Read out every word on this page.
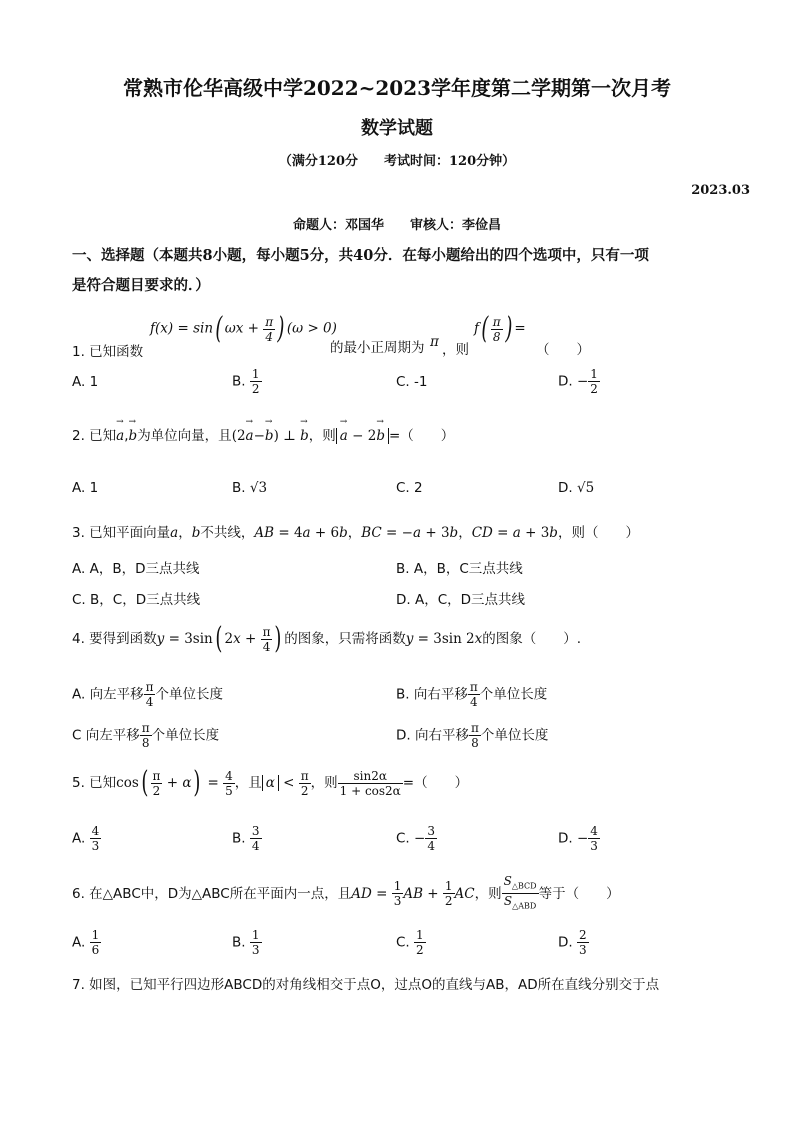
常熟市伦华高级中学2022~2023学年度第二学期第一次月考
数学试题
（满分120分　　考试时间：120分钟）
2023.03
命题人：邓国华　　审核人：李俭昌
一、选择题（本题共8小题，每小题5分，共40分．在每小题给出的四个选项中，只有一项
是符合题目要求的．）
1. 已知函数
f(x) = sin( $\omega x + \frac{\pi}{4}$ ) (ω > 0)
的最小正周期为 π ，则
$f( \frac{\pi}{8}$ ) =
（　　）
A. 1	B. $\frac{1}{2}$	C. -1	D. − $\frac{1}{2}$
2. 已知→ a,→ b为单位向量，且(2→ a−→ b) ⊥ → b，则→ a − 2→ b =（　　）
A. 1	B. √3	C. 2	D. √5
3. 已知平面向量a，b不共线，AB = 4a + 6b，BC = −a + 3b，CD = a + 3b，则（　　）
A. A，B，D三点共线	B. A，B，C三点共线
C. B，C，D三点共线	D. A，C，D三点共线
4. 要得到函数y = 3sin( $2x + \frac{\pi}{4}$ ) 的图象，只需将函数y = 3sin 2x的图象（　　）.
A. 向左平移 $\frac{\pi}{4}$ 个单位长度	B. 向右平移 $\frac{\pi}{4}$ 个单位长度
C 向左平移 $\frac{\pi}{8}$ 个单位长度	D. 向右平移 $\frac{\pi}{8}$ 个单位长度
5. 已知$\cos( \frac{\pi}{2} + \alpha) = \frac{4}{5}$ ，且 $\alpha < \frac{\pi}{2}$ ，则 $\frac{\sin 2\alpha}{1 + \cos 2\alpha}$ =（　　）
A. $\frac{4}{3}$	B. $\frac{3}{4}$	C. − $\frac{3}{4}$	D. − $\frac{4}{3}$
6. 在△ABC中，D为△ABC所在平面内一点，且AD = $\frac{1}{3}$ AB + $\frac{1}{2}$ AC，则 $\frac{S_{\triangle BCD}}{S_{\triangle ABD}}$ 等于（　　）
A. $\frac{1}{6}$	B. $\frac{1}{3}$	C. $\frac{1}{2}$	D. $\frac{2}{3}$
7. 如图，已知平行四边形ABCD的对角线相交于点O，过点O的直线与AB，AD所在直线分别交于点
